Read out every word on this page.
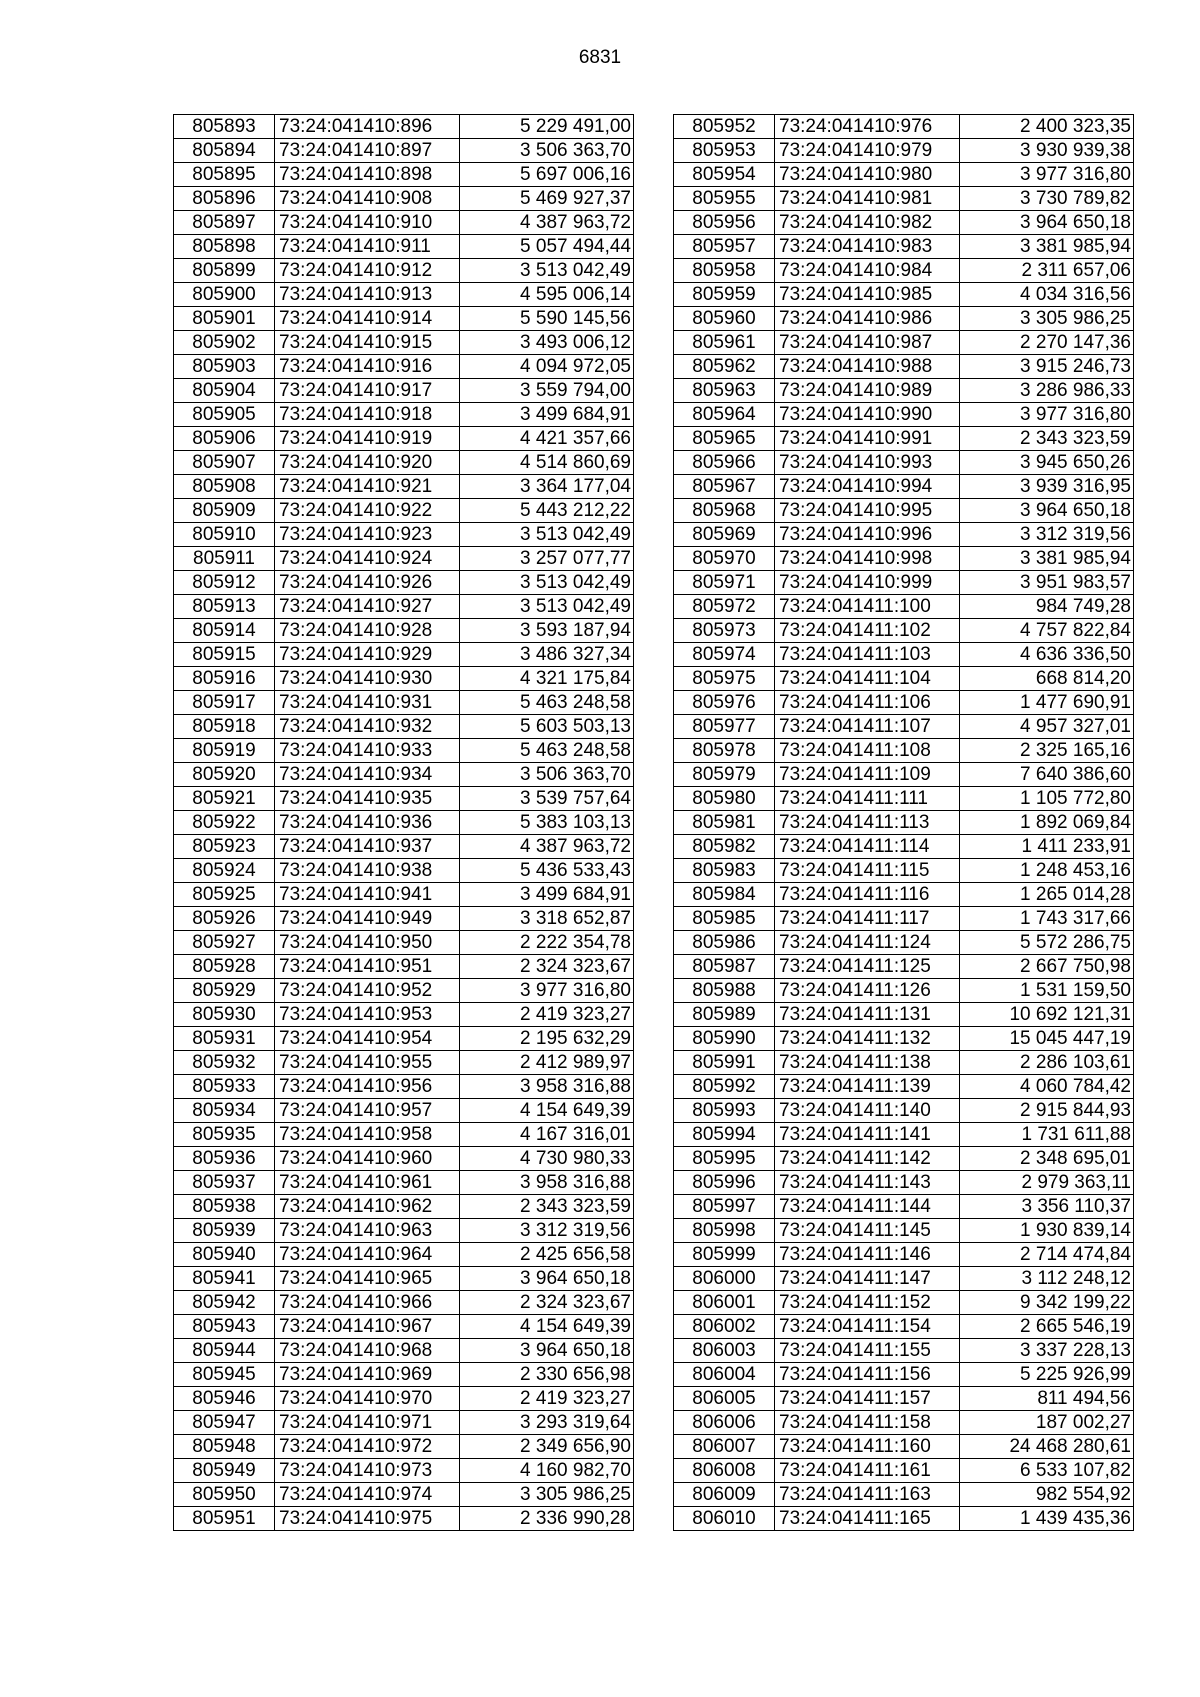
6831
805893	73:24:041410:896	5 229 491,00
805894	73:24:041410:897	3 506 363,70
805895	73:24:041410:898	5 697 006,16
805896	73:24:041410:908	5 469 927,37
805897	73:24:041410:910	4 387 963,72
805898	73:24:041410:911	5 057 494,44
805899	73:24:041410:912	3 513 042,49
805900	73:24:041410:913	4 595 006,14
805901	73:24:041410:914	5 590 145,56
805902	73:24:041410:915	3 493 006,12
805903	73:24:041410:916	4 094 972,05
805904	73:24:041410:917	3 559 794,00
805905	73:24:041410:918	3 499 684,91
805906	73:24:041410:919	4 421 357,66
805907	73:24:041410:920	4 514 860,69
805908	73:24:041410:921	3 364 177,04
805909	73:24:041410:922	5 443 212,22
805910	73:24:041410:923	3 513 042,49
805911	73:24:041410:924	3 257 077,77
805912	73:24:041410:926	3 513 042,49
805913	73:24:041410:927	3 513 042,49
805914	73:24:041410:928	3 593 187,94
805915	73:24:041410:929	3 486 327,34
805916	73:24:041410:930	4 321 175,84
805917	73:24:041410:931	5 463 248,58
805918	73:24:041410:932	5 603 503,13
805919	73:24:041410:933	5 463 248,58
805920	73:24:041410:934	3 506 363,70
805921	73:24:041410:935	3 539 757,64
805922	73:24:041410:936	5 383 103,13
805923	73:24:041410:937	4 387 963,72
805924	73:24:041410:938	5 436 533,43
805925	73:24:041410:941	3 499 684,91
805926	73:24:041410:949	3 318 652,87
805927	73:24:041410:950	2 222 354,78
805928	73:24:041410:951	2 324 323,67
805929	73:24:041410:952	3 977 316,80
805930	73:24:041410:953	2 419 323,27
805931	73:24:041410:954	2 195 632,29
805932	73:24:041410:955	2 412 989,97
805933	73:24:041410:956	3 958 316,88
805934	73:24:041410:957	4 154 649,39
805935	73:24:041410:958	4 167 316,01
805936	73:24:041410:960	4 730 980,33
805937	73:24:041410:961	3 958 316,88
805938	73:24:041410:962	2 343 323,59
805939	73:24:041410:963	3 312 319,56
805940	73:24:041410:964	2 425 656,58
805941	73:24:041410:965	3 964 650,18
805942	73:24:041410:966	2 324 323,67
805943	73:24:041410:967	4 154 649,39
805944	73:24:041410:968	3 964 650,18
805945	73:24:041410:969	2 330 656,98
805946	73:24:041410:970	2 419 323,27
805947	73:24:041410:971	3 293 319,64
805948	73:24:041410:972	2 349 656,90
805949	73:24:041410:973	4 160 982,70
805950	73:24:041410:974	3 305 986,25
805951	73:24:041410:975	2 336 990,28
805952	73:24:041410:976	2 400 323,35
805953	73:24:041410:979	3 930 939,38
805954	73:24:041410:980	3 977 316,80
805955	73:24:041410:981	3 730 789,82
805956	73:24:041410:982	3 964 650,18
805957	73:24:041410:983	3 381 985,94
805958	73:24:041410:984	2 311 657,06
805959	73:24:041410:985	4 034 316,56
805960	73:24:041410:986	3 305 986,25
805961	73:24:041410:987	2 270 147,36
805962	73:24:041410:988	3 915 246,73
805963	73:24:041410:989	3 286 986,33
805964	73:24:041410:990	3 977 316,80
805965	73:24:041410:991	2 343 323,59
805966	73:24:041410:993	3 945 650,26
805967	73:24:041410:994	3 939 316,95
805968	73:24:041410:995	3 964 650,18
805969	73:24:041410:996	3 312 319,56
805970	73:24:041410:998	3 381 985,94
805971	73:24:041410:999	3 951 983,57
805972	73:24:041411:100	984 749,28
805973	73:24:041411:102	4 757 822,84
805974	73:24:041411:103	4 636 336,50
805975	73:24:041411:104	668 814,20
805976	73:24:041411:106	1 477 690,91
805977	73:24:041411:107	4 957 327,01
805978	73:24:041411:108	2 325 165,16
805979	73:24:041411:109	7 640 386,60
805980	73:24:041411:111	1 105 772,80
805981	73:24:041411:113	1 892 069,84
805982	73:24:041411:114	1 411 233,91
805983	73:24:041411:115	1 248 453,16
805984	73:24:041411:116	1 265 014,28
805985	73:24:041411:117	1 743 317,66
805986	73:24:041411:124	5 572 286,75
805987	73:24:041411:125	2 667 750,98
805988	73:24:041411:126	1 531 159,50
805989	73:24:041411:131	10 692 121,31
805990	73:24:041411:132	15 045 447,19
805991	73:24:041411:138	2 286 103,61
805992	73:24:041411:139	4 060 784,42
805993	73:24:041411:140	2 915 844,93
805994	73:24:041411:141	1 731 611,88
805995	73:24:041411:142	2 348 695,01
805996	73:24:041411:143	2 979 363,11
805997	73:24:041411:144	3 356 110,37
805998	73:24:041411:145	1 930 839,14
805999	73:24:041411:146	2 714 474,84
806000	73:24:041411:147	3 112 248,12
806001	73:24:041411:152	9 342 199,22
806002	73:24:041411:154	2 665 546,19
806003	73:24:041411:155	3 337 228,13
806004	73:24:041411:156	5 225 926,99
806005	73:24:041411:157	811 494,56
806006	73:24:041411:158	187 002,27
806007	73:24:041411:160	24 468 280,61
806008	73:24:041411:161	6 533 107,82
806009	73:24:041411:163	982 554,92
806010	73:24:041411:165	1 439 435,36
